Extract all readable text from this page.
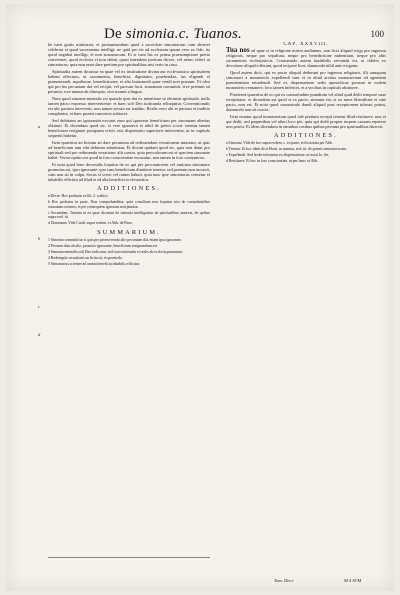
De simonia.c. Tuanos.	100
a
b
c
d

he tueri gratis ministrari, et pronuntiandum quod a sacerdote simoniacum cum deceret celebrari et quod sacramenta intelligi; ne quid pro eis ad ecclesiam ipsum vero ex fide, ita quod negabat intelligi, et non simoniacum. Et si cum his ex prima praesumptione pretio conveniret, quod ecclesia ei non dabat, quasi intendens pretium dicere, vel nemo videri ut simoniacus: quia non esset dare pretium pro spiritualibus nisi certo in casu.

Spiritualia autem dicuntur ea quae vel ex institutione divina aut ecclesiastica spiritualem habent effectum, ut sacramenta, beneficia, dignitates, praebendae, ius eligendi et praesentandi, sepulturae, benedictiones, et alia huiusmodi quae vendi non possunt. Et ideo qui pro his pecuniam dat vel recipit, vel pactum facit, simoniam committit, sive pretium sit pecunia, sive munus ab obsequio, sive munus a lingua.

Nota quod simonia mentalis est quando quis dat ex intentione ut obtineat spirituale, nullo tamen pacto expresso interveniente: et haec soli Deo iudicanda relinquitur. Conventionalis est ubi pactum intervenit, non tamen secuta est traditio. Realis vero ubi et pactum et traditio complentur, et haec poenis canonicis subiacet.

Sed dubitatur an ignorantia excuset eum qui ignorans beneficium per simoniam alterius obtinuit. Et dicendum quod sic, si vere ignoravit et nihil de pretio scivit: tenetur tamen beneficium resignare postquam scivit, nisi dispensatio superioris interveniat, ut in capitulo sequenti habetur.

Item quaeritur an licitum sit dare pecuniam ad redimendam vexationem iniustam, ut quis ad beneficium iam sibi debitum admittatur. Et dicunt quidam quod sic, quia non datur pro spirituali sed pro redimenda vexatione: alii contra, quia periculosum est et speciem simoniae habet. Verior opinio est quod in foro conscientiae excusatur, non tamen in foro contentioso.

Et nota quod haec decretalis loquitur de eo qui per procuratorem vel amicum simoniace promotus est, ipso ignorante: quo casu beneficium dimittere tenetur, sed poenam non incurrit, cum non sit in culpa. Secus si scivit vel ratum habuit, quia tunc ipse simoniacus censetur et inhabilis efficitur ad illud et ad alia beneficia ecclesiastica.

ADDITIONES.

a Decre. Hoc probatur ex lib. 2. codicis.

b Hoc probatur in parte. Non comprehenditur, quia concilium non loquitur nisi de contrahentibus simoniam scienter, et per consequens ignorans non punitur.

c Secundum. Tantum ut ea quae dicuntur de simonia intelligantur de spiritualibus annexis, de quibus supra eod. tit.

d Dominum. Vide Cardi. supra eodem. et Abb. de Pano.

SUMMARIUM.

1 Simonia committitur si quis pro promovendo alio pecuniam dat, etiam ipso ignorante.

2 Pecunia data ab alio, promoto ignorante, beneficium resignandum est.

3 Simonia mentalis soli Deo iudicatur, sed conventionalis et realis ab ecclesia puniuntur.

4 Redemptio vexationis an licita sit, et quomodo.

5 Simoniacus scienter ad omnia beneficia inhabilis efficitur.

CAP. XXXVIII.

Tua nos ad quae si in religione nostra audiamus, non licet aliquid exigi pro ingressu religionis, neque pro sepultura, neque pro benedictione nubentium, neque pro aliis sacramentis ecclesiasticis. Consuetudo autem laudabilis servanda est, ut fideles ex devotione aliquid offerant, quod recipere licet, dummodo nihil ante exigatur.

Quod autem dicit, qui ex pacto aliquid dederunt pro ingressu religionis, illi tamquam simoniaci a monasterio expellendi sunt et in aliud arctius monasterium ad agendam poenitentiam retrudendi. Sed ex dispensatione sedis apostolicae possunt in eodem monasterio remanere, loco tamen inferiori, et a vocibus in capitulo abstinere.

Praeterea quaeritur de eo qui ex consuetudine prandium vel aliud quid dedit tempore suae receptionis: et dicendum est quod si ex pacto, simonia est; si ex mera liberalitate et sine pacto, non est. Et nota quod consuetudo dandi aliquid post receptionem tolerari potest, dummodo non sit coacta.

Item notatur quod monasterium quod tale pretium recepit tenetur illud restituere, non ei qui dedit, sed pauperibus vel alteri loco pio, quia qui dedit propter turpem causam repetere non potest. Et idem dicendum in omnibus casibus quibus pecunia pro spiritualibus data est.

ADDITIONES.

a Simonia. Vide de hoc supra eodem, c. ex parte, et ibi notata per Abb.

b Tenetur. Et hoc idem dicit Hosti. in summa, eod. tit. de poenis simoniacorum.

c Expellendi. Sed hodie tolerantur ex dispensatione, ut notat Io. An.

d Restituere. Et hoc in foro conscientiae, ut per Inno. et Abb.

Tom. Decr.	M 4 SVM
